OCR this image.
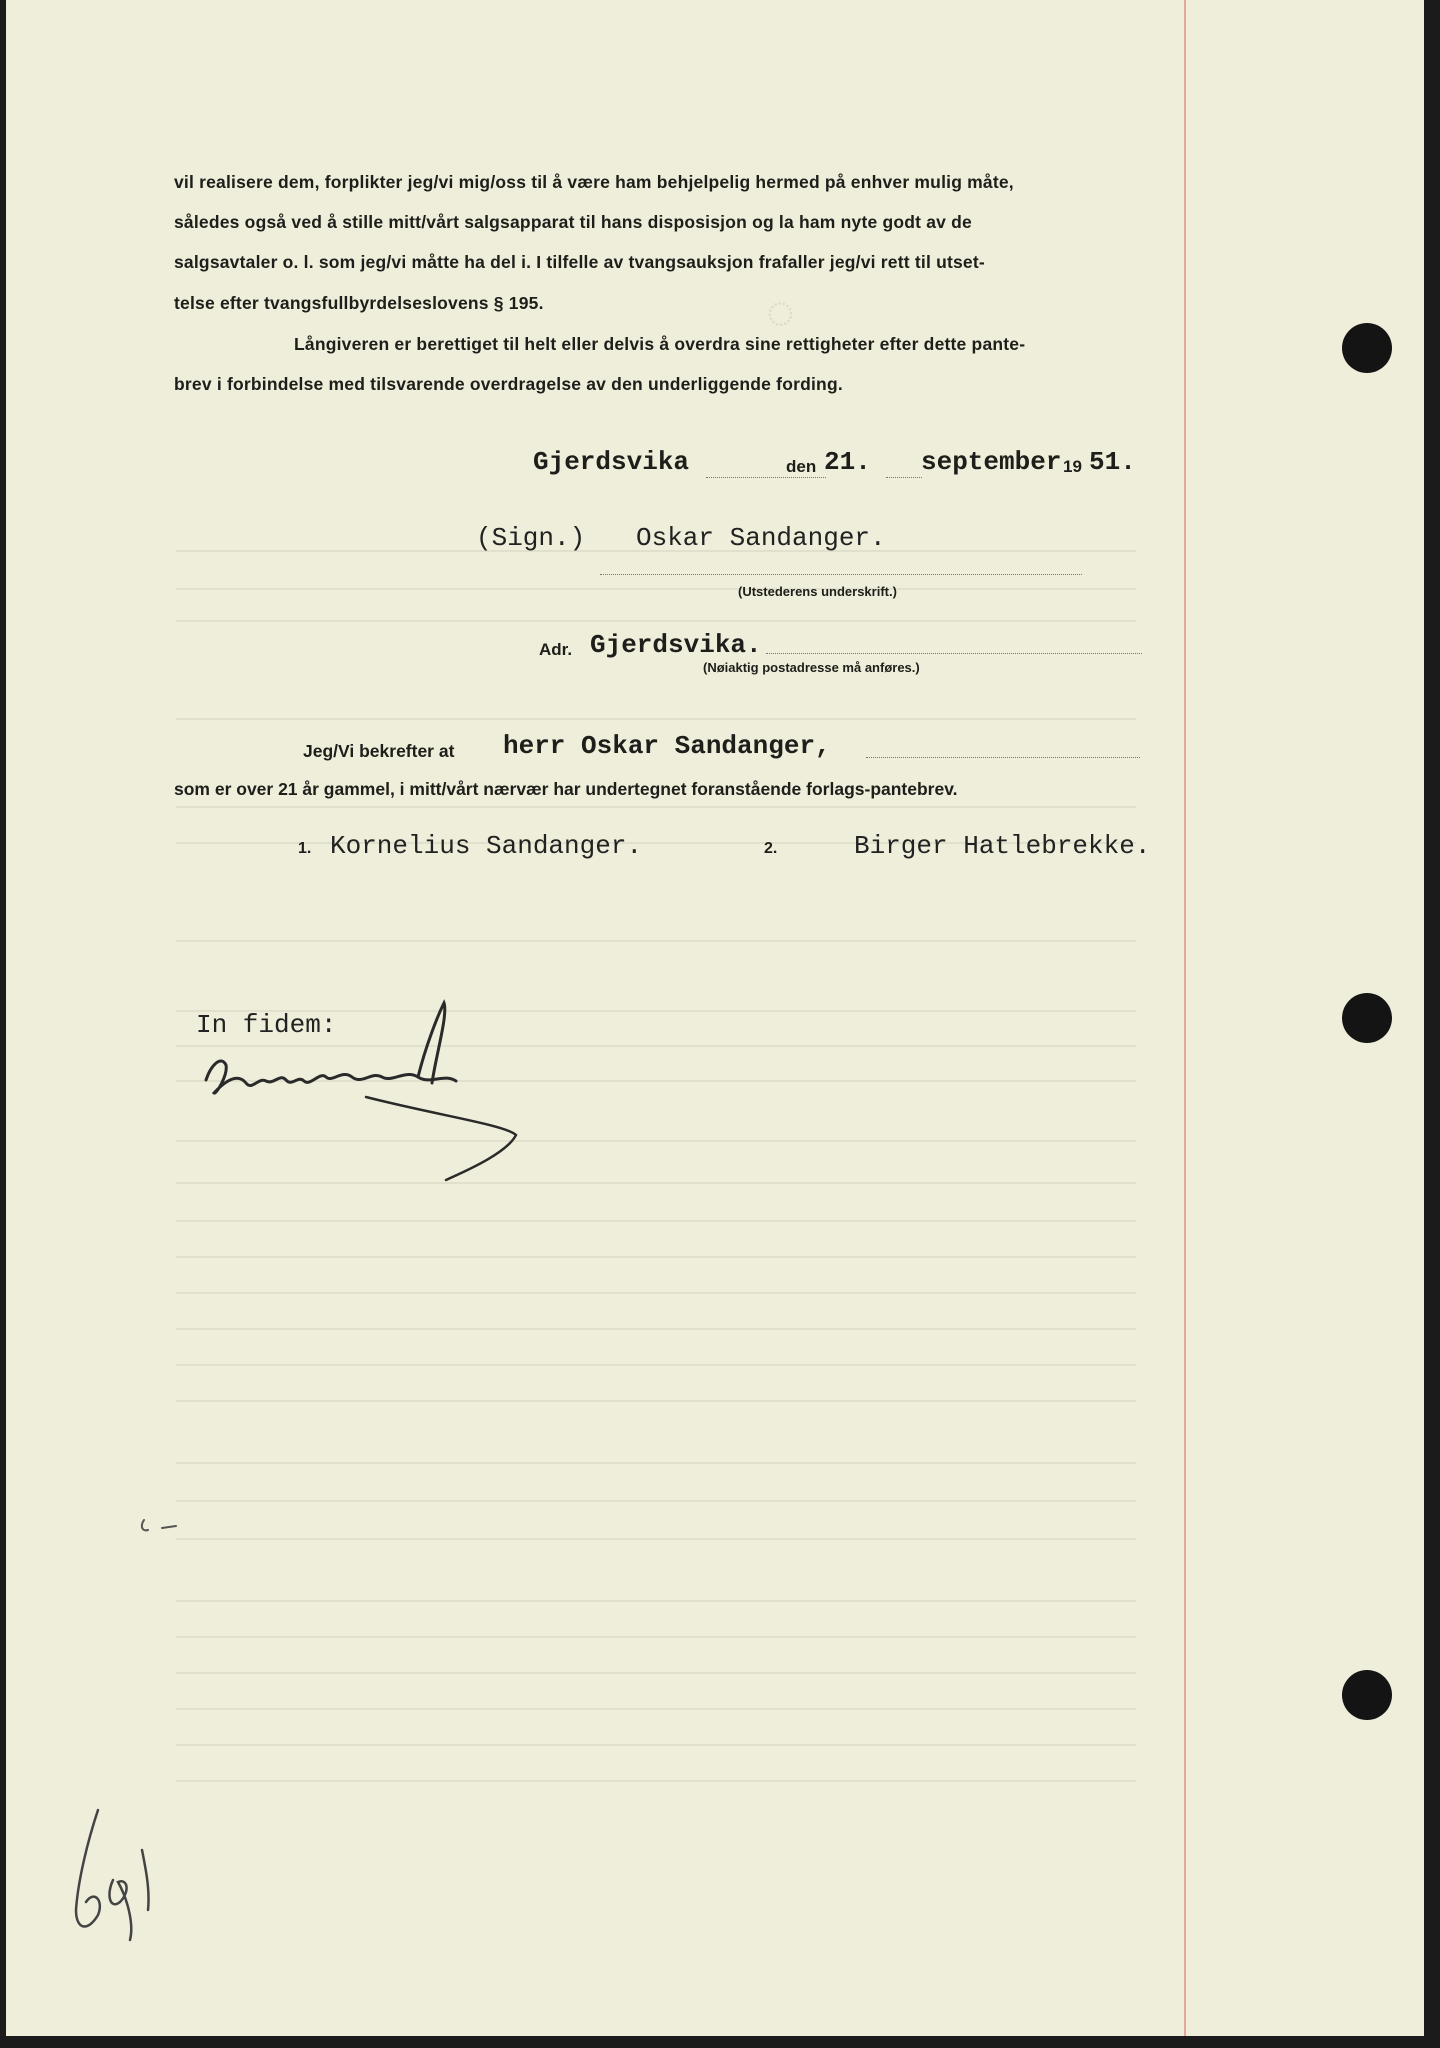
◌
vil realisere dem, forplikter jeg/vi mig/oss til å være ham behjelpelig hermed på enhver mulig måte,
således også ved å stille mitt/vårt salgsapparat til hans disposisjon og la ham nyte godt av de
salgsavtaler o. l. som jeg/vi måtte ha del i. I tilfelle av tvangsauksjon frafaller jeg/vi rett til utset-
telse efter tvangsfullbyrdelseslovens § 195.
Långiveren er berettiget til helt eller delvis å overdra sine rettigheter efter dette pante-
brev i forbindelse med tilsvarende overdragelse av den underliggende fording.
Gjerdsvika	den 21. september 19 51.
(Sign.) Oskar Sandanger.
(Utstederens underskrift.)
Adr. Gjerdsvika.
(Nøiaktig postadresse må anføres.)
Jeg/Vi bekrefter at herr Oskar Sandanger,
som er over 21 år gammel, i mitt/vårt nærvær har undertegnet foranstående forlags-pantebrev.
1. Kornelius Sandanger.	2.	Birger Hatlebrekke.
In fidem:
